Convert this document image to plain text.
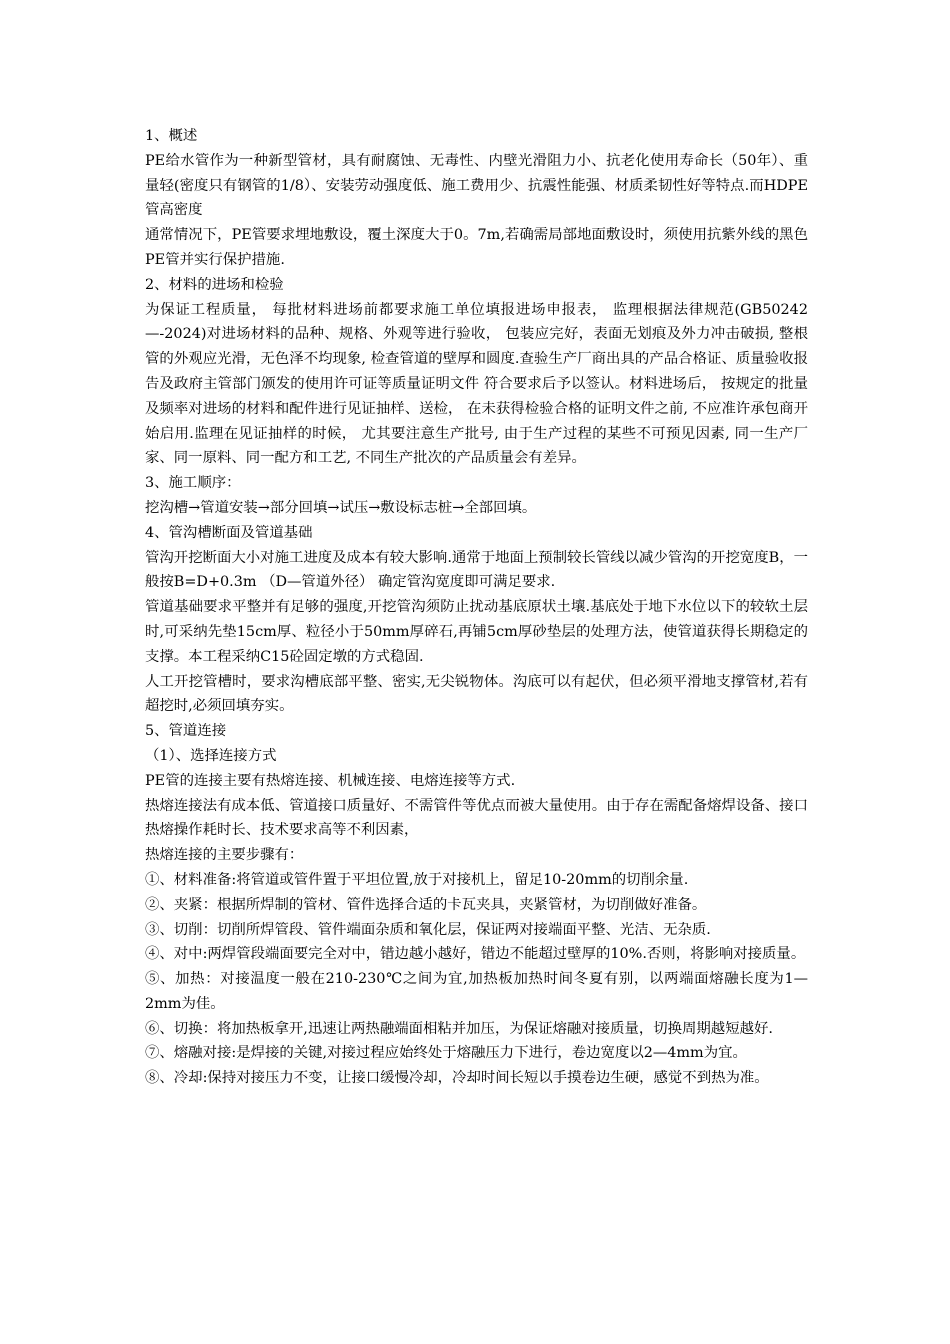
1、概述

PE给水管作为一种新型管材，具有耐腐蚀、无毒性、内壁光滑阻力小、抗老化使用寿命长（50年）、重量轻(密度只有钢管的1/8）、安装劳动强度低、施工费用少、抗震性能强、材质柔韧性好等特点.而HDPE管高密度

通常情况下，PE管要求埋地敷设，覆土深度大于0。7m,若确需局部地面敷设时，须使用抗紫外线的黑色PE管并实行保护措施.

2、材料的进场和检验

为保证工程质量， 每批材料进场前都要求施工单位填报进场申报表， 监理根据法律规范(GB50242—-2024)对进场材料的品种、规格、外观等进行验收， 包装应完好，表面无划痕及外力冲击破损, 整根管的外观应光滑，无色泽不均现象, 检查管道的壁厚和圆度.查验生产厂商出具的产品合格证、质量验收报告及政府主管部门颁发的使用许可证等质量证明文件 符合要求后予以签认。材料进场后， 按规定的批量及频率对进场的材料和配件进行见证抽样、送检， 在未获得检验合格的证明文件之前, 不应准许承包商开始启用.监理在见证抽样的时候， 尤其要注意生产批号, 由于生产过程的某些不可预见因素, 同一生产厂家、同一原料、同一配方和工艺, 不同生产批次的产品质量会有差异。

3、施工顺序：

挖沟槽→管道安装→部分回填→试压→敷设标志桩→全部回填。

4、管沟槽断面及管道基础

管沟开挖断面大小对施工进度及成本有较大影响.通常于地面上预制较长管线以减少管沟的开挖宽度B，一般按B=D+0.3m （D—管道外径） 确定管沟宽度即可满足要求.

管道基础要求平整并有足够的强度,开挖管沟须防止扰动基底原状土壤.基底处于地下水位以下的较软土层时,可采纳先垫15cm厚、粒径小于50mm厚碎石,再铺5cm厚砂垫层的处理方法，使管道获得长期稳定的支撑。本工程采纳C15砼固定墩的方式稳固.

人工开挖管槽时，要求沟槽底部平整、密实,无尖锐物体。沟底可以有起伏，但必须平滑地支撑管材,若有超挖时,必须回填夯实。

5、管道连接

（1）、选择连接方式

PE管的连接主要有热熔连接、机械连接、电熔连接等方式.

热熔连接法有成本低、管道接口质量好、不需管件等优点而被大量使用。由于存在需配备熔焊设备、接口热熔操作耗时长、技术要求高等不利因素，

热熔连接的主要步骤有：

①、材料准备:将管道或管件置于平坦位置,放于对接机上，留足10-20mm的切削余量.

②、夹紧：根据所焊制的管材、管件选择合适的卡瓦夹具，夹紧管材，为切削做好准备。

③、切削：切削所焊管段、管件端面杂质和氧化层，保证两对接端面平整、光洁、无杂质.

④、对中:两焊管段端面要完全对中，错边越小越好，错边不能超过壁厚的10%.否则，将影响对接质量。

⑤、加热：对接温度一般在210-230℃之间为宜,加热板加热时间冬夏有别，以两端面熔融长度为1—2mm为佳。

⑥、切换：将加热板拿开,迅速让两热融端面相粘并加压，为保证熔融对接质量，切换周期越短越好.

⑦、熔融对接:是焊接的关键,对接过程应始终处于熔融压力下进行，卷边宽度以2—4mm为宜。

⑧、冷却:保持对接压力不变，让接口缓慢冷却，冷却时间长短以手摸卷边生硬，感觉不到热为准。
